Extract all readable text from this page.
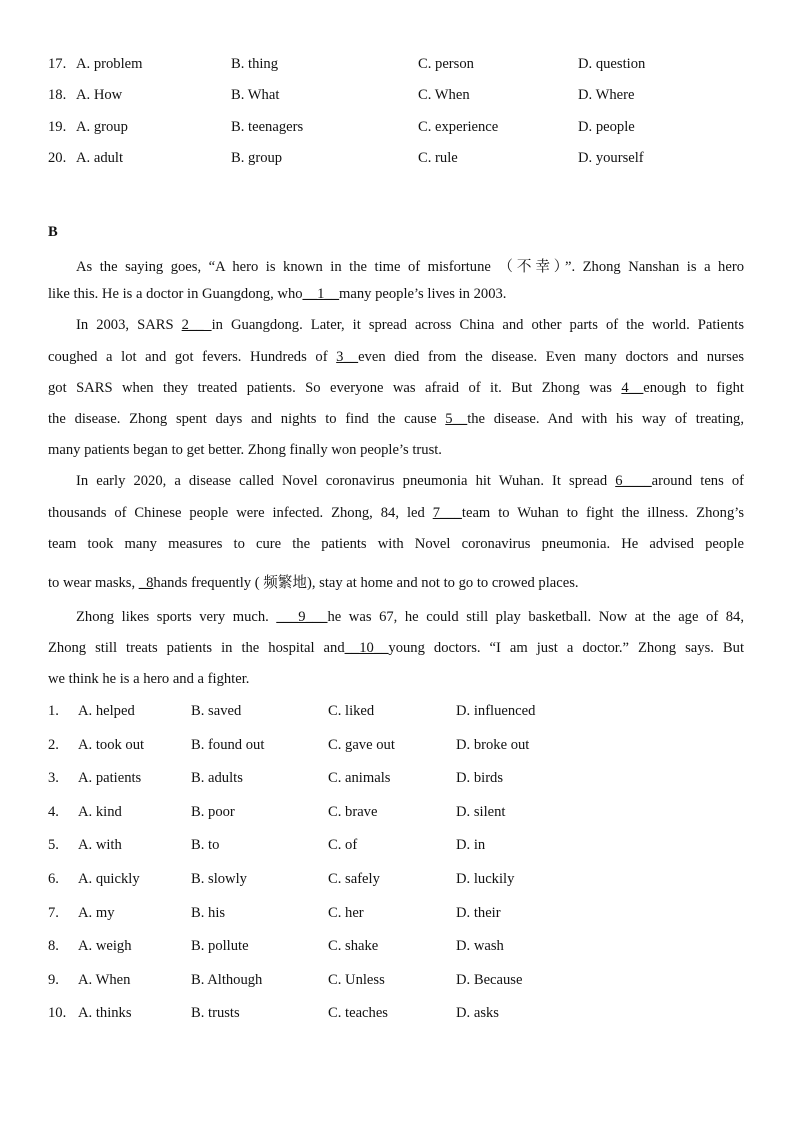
17. A. problem	B. thing	C. person	D. question
18. A. How	B. What	C. When	D. Where
19. A. group	B. teenagers	C. experience	D. people
20. A. adult	B. group	C. rule	D. yourself
B
As the saying goes, “A hero is known in the time of misfortune （不幸）”. Zhong Nanshan is a hero
like this. He is a doctor in Guangdong, who__1__many people’s lives in 2003.
In 2003, SARS 2__ in Guangdong. Later, it spread across China and other parts of the world. Patients
coughed a lot and got fevers. Hundreds of 3__even died from the disease. Even many doctors and nurses
got SARS when they treated patients. So everyone was afraid of it. But Zhong was 4__enough to fight
the disease. Zhong spent days and nights to find the cause 5__the disease. And with his way of treating,
many patients began to get better. Zhong finally won people’s trust.
In early 2020, a disease called Novel coronavirus pneumonia hit Wuhan. It spread 6____around tens of
thousands of Chinese people were infected. Zhong, 84, led 7___team to Wuhan to fight the illness. Zhong’s
team took many measures to cure the patients with Novel coronavirus pneumonia. He advised people
to wear masks, _8hands frequently ( 频繁地), stay at home and not to go to crowed places.
Zhong likes sports very much. ___9___he was 67, he could still play basketball. Now at the age of 84,
Zhong still treats patients in the hospital and__10__young doctors. “I am just a doctor.” Zhong says. But
we think he is a hero and a fighter.
1. A. helped	B. saved	C. liked	D. influenced
2. A. took out	B. found out	C. gave out	D. broke out
3. A. patients	B. adults	C. animals	D. birds
4. A. kind	B. poor	C. brave	D. silent
5. A. with	B. to	C. of	D. in
6. A. quickly	B. slowly	C. safely	D. luckily
7. A. my	B. his	C. her	D. their
8. A. weigh	B. pollute	C. shake	D. wash
9. A. When	B. Although	C. Unless	D. Because
10. A. thinks	B. trusts	C. teaches	D. asks
